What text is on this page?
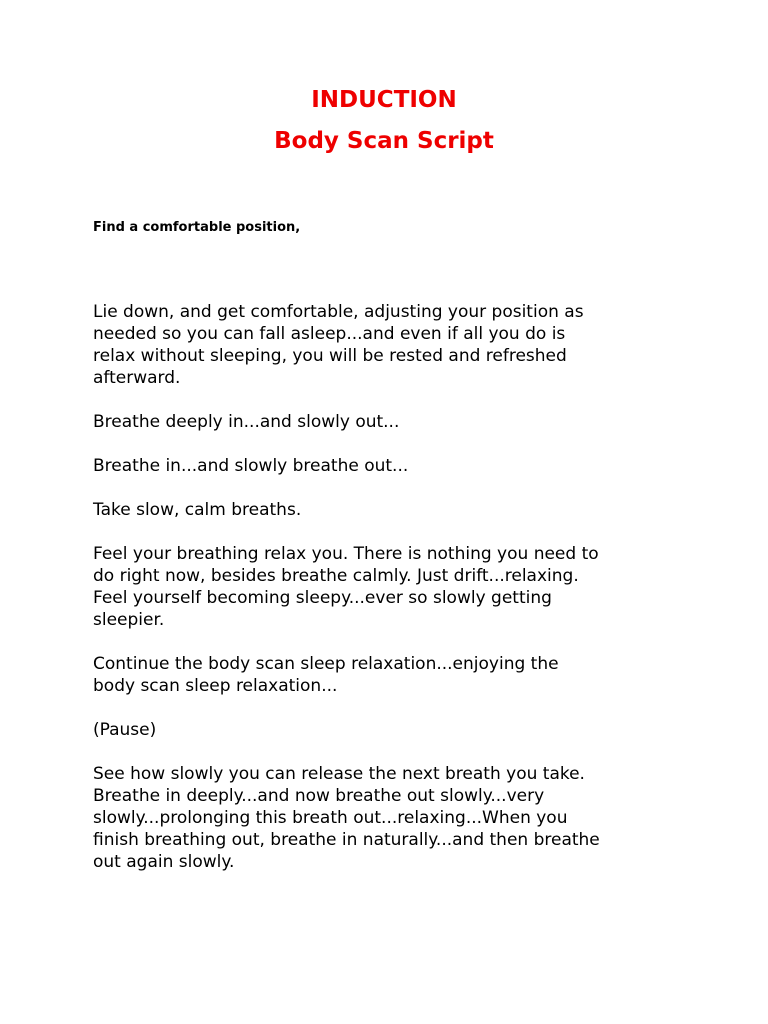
INDUCTION
Body Scan Script
Find a comfortable position,

Lie down, and get comfortable, adjusting your position as
needed so you can fall asleep...and even if all you do is
relax without sleeping, you will be rested and refreshed
afterward.

Breathe deeply in...and slowly out...

Breathe in...and slowly breathe out...

Take slow, calm breaths.

Feel your breathing relax you. There is nothing you need to
do right now, besides breathe calmly. Just drift...relaxing.
Feel yourself becoming sleepy...ever so slowly getting
sleepier.

Continue the body scan sleep relaxation...enjoying the
body scan sleep relaxation...

(Pause)

See how slowly you can release the next breath you take.
Breathe in deeply...and now breathe out slowly...very
slowly...prolonging this breath out...relaxing...When you
finish breathing out, breathe in naturally...and then breathe
out again slowly.
